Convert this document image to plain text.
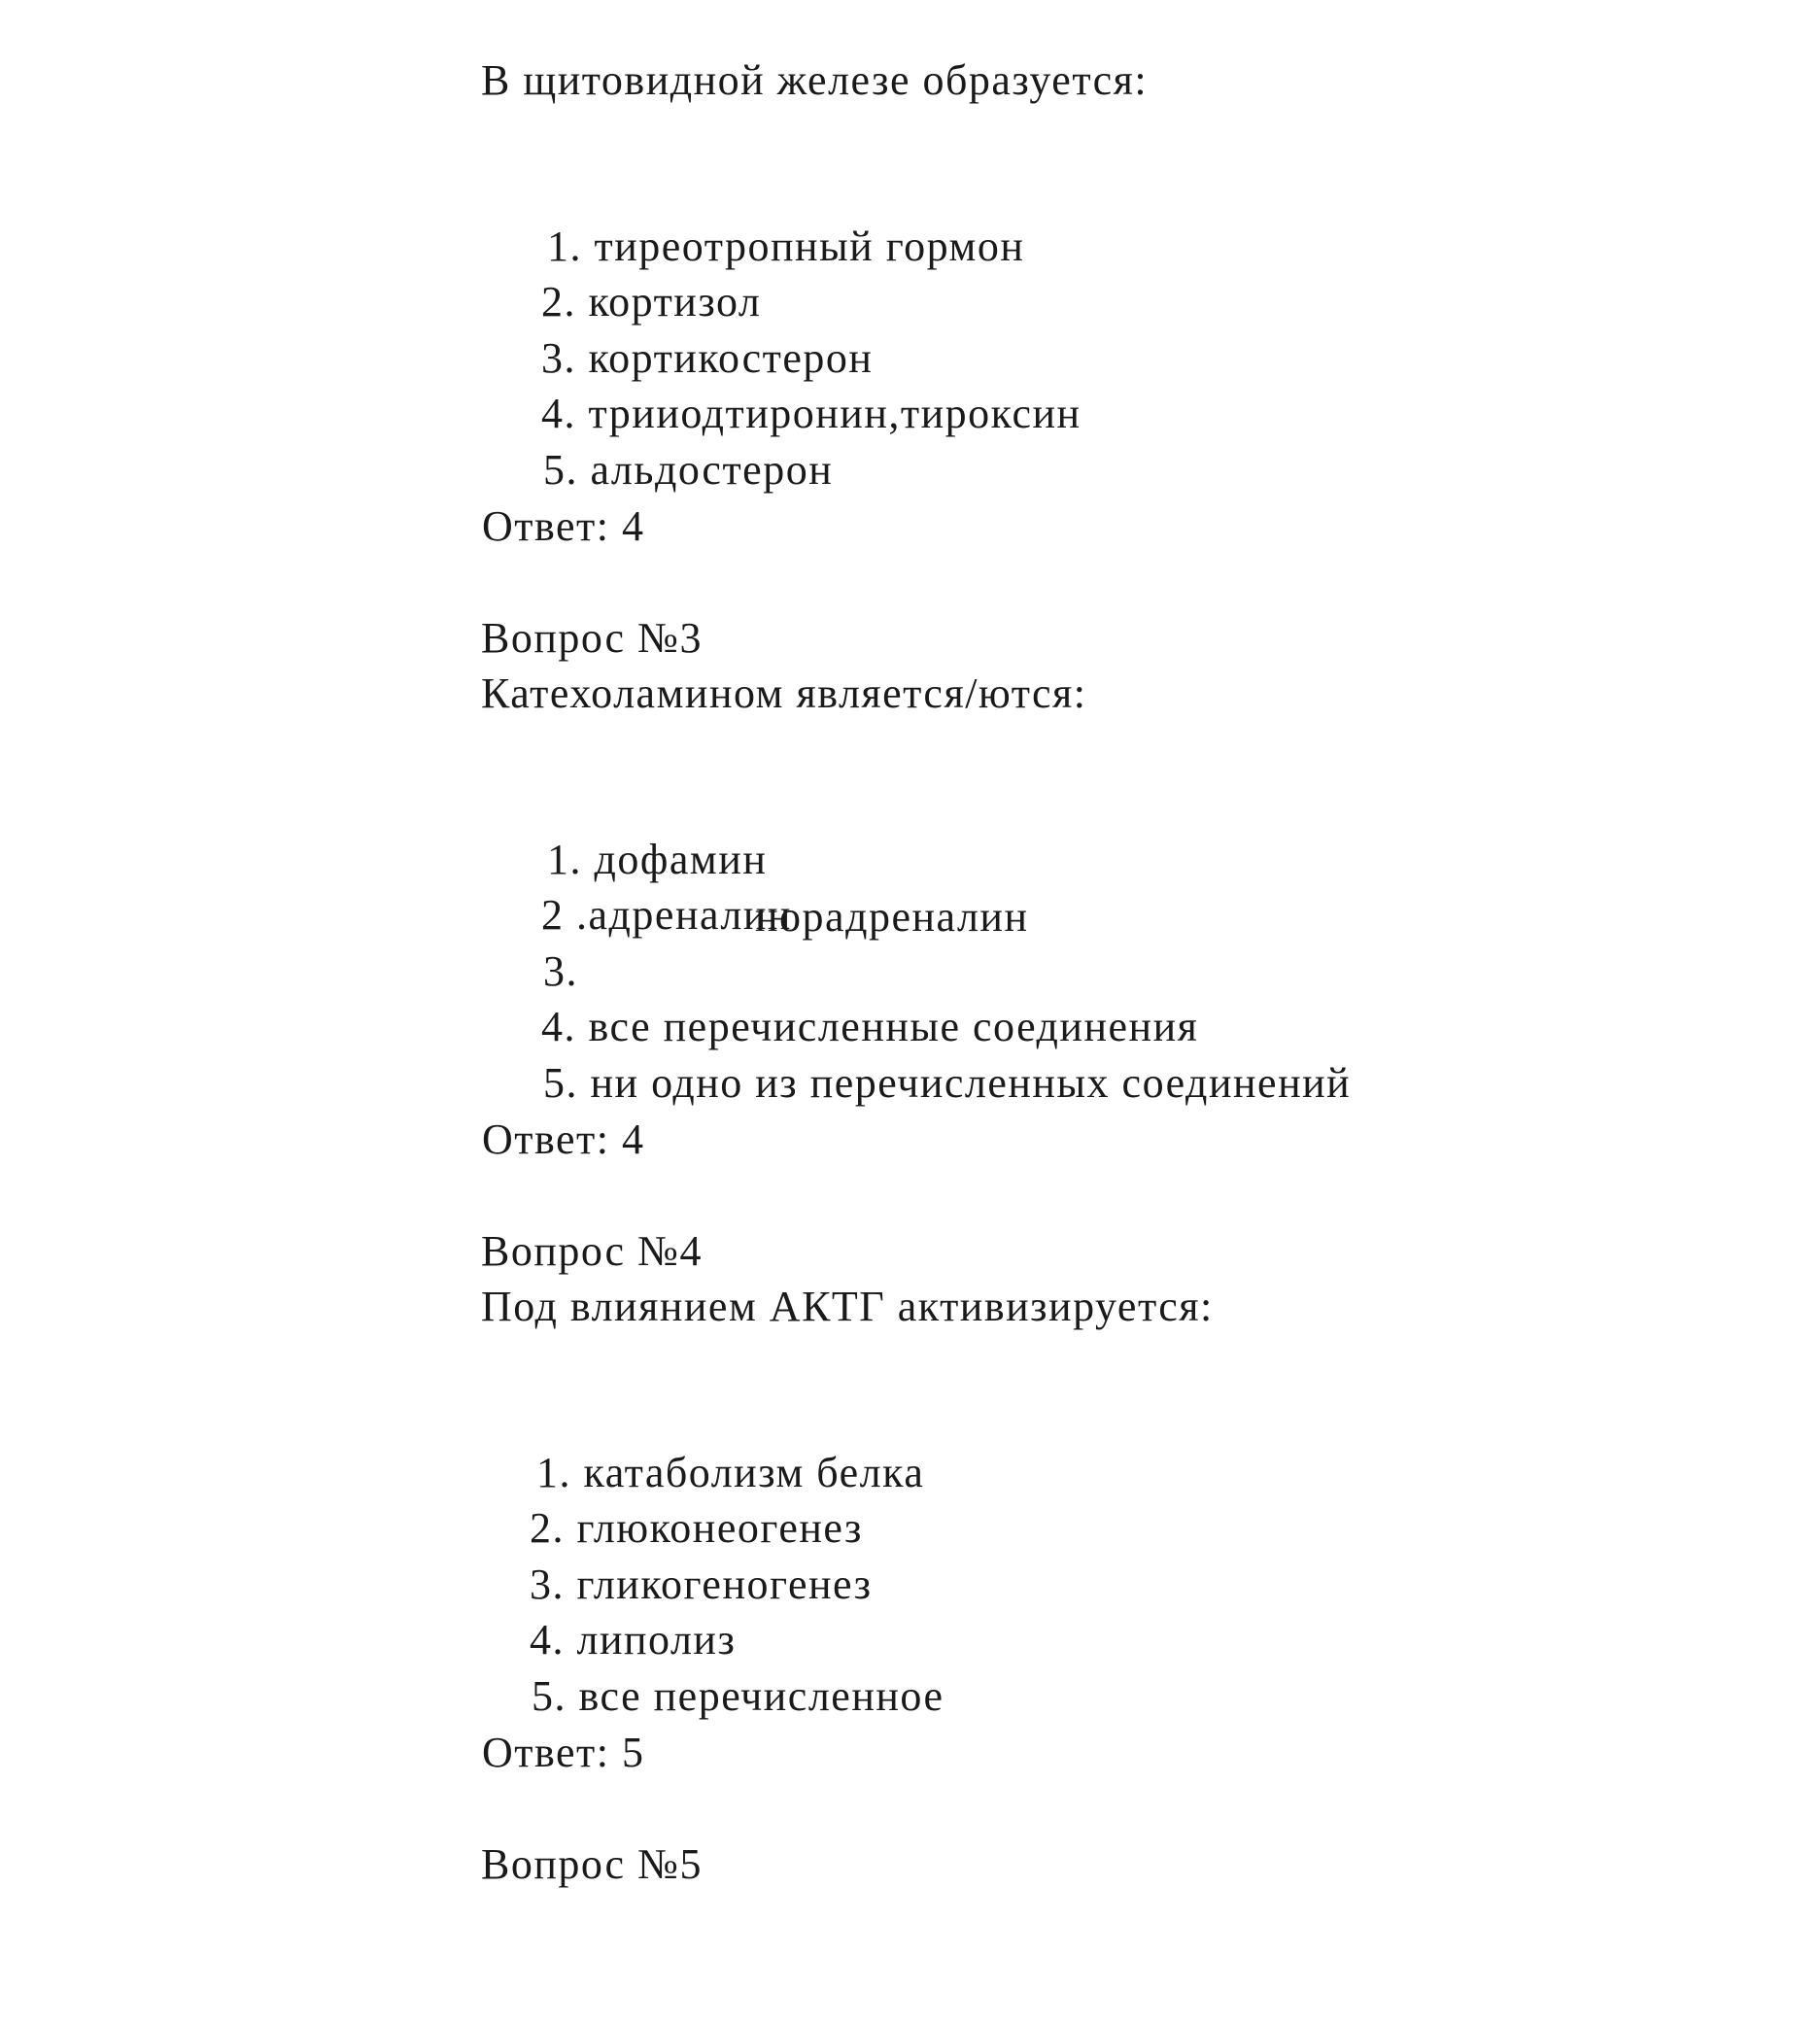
В щитовидной железе образуется:

1. тиреотропный гормон

2. кортизол

3. кортикостерон

4. трииодтиронин,тироксин

5. альдостерон

Ответ: 4
Вопрос №3
Катехоламином является/ются:

1. дофамин

2 .адреналин

3.

норадреналин

4. все перечисленные соединения

5. ни одно из перечисленных соединений

Ответ: 4
Вопрос №4
Под влиянием АКТГ активизируется:

1. катаболизм белка

2. глюконеогенез

3. гликогеногенез

4. липолиз

5. все перечисленное

Ответ: 5
Вопрос №5
